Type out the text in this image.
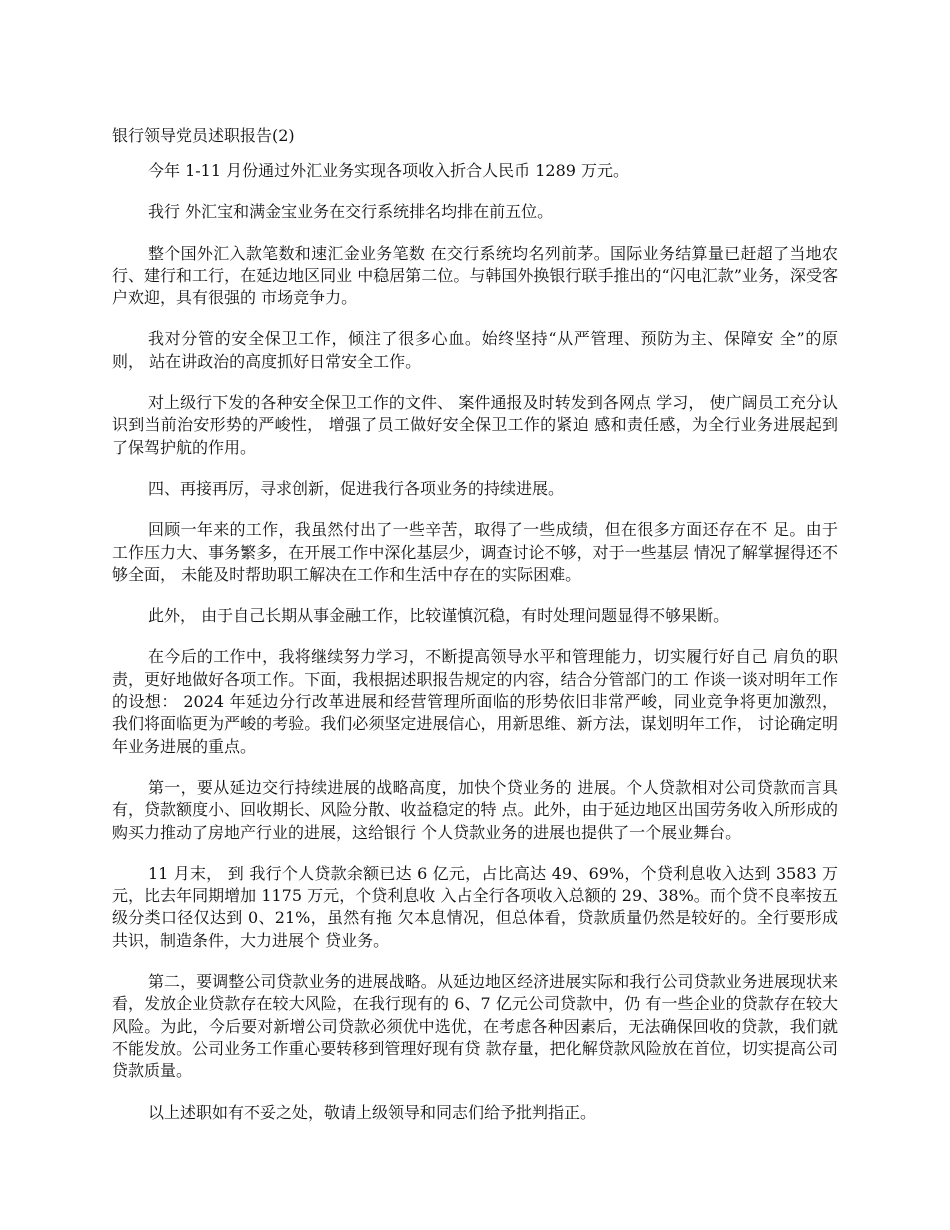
银行领导党员述职报告(2)

今年 1-11 月份通过外汇业务实现各项收入折合人民币 1289 万元。

我行 外汇宝和满金宝业务在交行系统排名均排在前五位。

整个国外汇入款笔数和速汇金业务笔数 在交行系统均名列前茅。国际业务结算量已赶超了当地农行、建行和工行，在延边地区同业 中稳居第二位。与韩国外换银行联手推出的“闪电汇款”业务，深受客户欢迎，具有很强的 市场竞争力。

我对分管的安全保卫工作，倾注了很多心血。始终坚持“从严管理、预防为主、保障安 全”的原则， 站在讲政治的高度抓好日常安全工作。

对上级行下发的各种安全保卫工作的文件、 案件通报及时转发到各网点 学习， 使广阔员工充分认识到当前治安形势的严峻性， 增强了员工做好安全保卫工作的紧迫 感和责任感，为全行业务进展起到了保驾护航的作用。

四、再接再厉，寻求创新，促进我行各项业务的持续进展。

回顾一年来的工作，我虽然付出了一些辛苦，取得了一些成绩，但在很多方面还存在不 足。由于工作压力大、事务繁多，在开展工作中深化基层少，调查讨论不够，对于一些基层 情况了解掌握得还不够全面， 未能及时帮助职工解决在工作和生活中存在的实际困难。

此外， 由于自己长期从事金融工作，比较谨慎沉稳，有时处理问题显得不够果断。

在今后的工作中，我将继续努力学习，不断提高领导水平和管理能力，切实履行好自己 肩负的职责，更好地做好各项工作。下面，我根据述职报告规定的内容，结合分管部门的工 作谈一谈对明年工作的设想： 2024 年延边分行改革进展和经营管理所面临的形势依旧非常严峻，同业竞争将更加激烈， 我们将面临更为严峻的考验。我们必须坚定进展信心，用新思维、新方法，谋划明年工作， 讨论确定明年业务进展的重点。

第一，要从延边交行持续进展的战略高度，加快个贷业务的 进展。个人贷款相对公司贷款而言具有，贷款额度小、回收期长、风险分散、收益稳定的特 点。此外，由于延边地区出国劳务收入所形成的购买力推动了房地产行业的进展，这给银行 个人贷款业务的进展也提供了一个展业舞台。

11 月末， 到 我行个人贷款余额已达 6 亿元，占比高达 49、69%，个贷利息收入达到 3583 万元，比去年同期增加 1175 万元，个贷利息收 入占全行各项收入总额的 29、38%。而个贷不良率按五级分类口径仅达到 0、21%，虽然有拖 欠本息情况，但总体看，贷款质量仍然是较好的。全行要形成共识，制造条件，大力进展个 贷业务。

第二，要调整公司贷款业务的进展战略。从延边地区经济进展实际和我行公司贷款业务进展现状来看，发放企业贷款存在较大风险，在我行现有的 6、7 亿元公司贷款中，仍 有一些企业的贷款存在较大风险。为此，今后要对新增公司贷款必须优中选优，在考虑各种因素后，无法确保回收的贷款，我们就不能发放。公司业务工作重心要转移到管理好现有贷 款存量，把化解贷款风险放在首位，切实提高公司贷款质量。

以上述职如有不妥之处，敬请上级领导和同志们给予批判指正。
